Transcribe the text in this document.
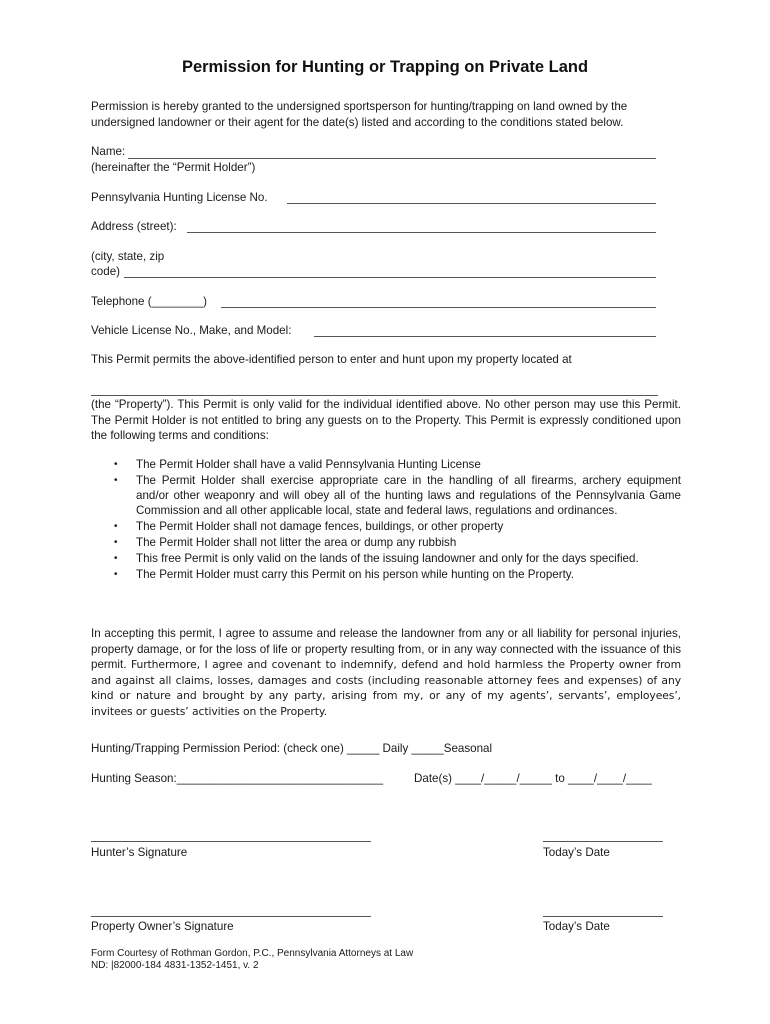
Permission for Hunting or Trapping on Private Land
Permission is hereby granted to the undersigned sportsperson for hunting/trapping on land owned by the undersigned landowner or their agent for the date(s) listed and according to the conditions stated below.
Name:
(hereinafter the “Permit Holder”)
Pennsylvania Hunting License No.
Address (street):
(city, state, zip
code)
Telephone (________)
Vehicle License No., Make, and Model:
This Permit permits the above-identified person to enter and hunt upon my property located at
(the “Property”). This Permit is only valid for the individual identified above. No other person may use this Permit. The Permit Holder is not entitled to bring any guests on to the Property. This Permit is expressly conditioned upon the following terms and conditions:
• The Permit Holder shall have a valid Pennsylvania Hunting License
• The Permit Holder shall exercise appropriate care in the handling of all firearms, archery equipment and/or other weaponry and will obey all of the hunting laws and regulations of the Pennsylvania Game Commission and all other applicable local, state and federal laws, regulations and ordinances.
• The Permit Holder shall not damage fences, buildings, or other property
• The Permit Holder shall not litter the area or dump any rubbish
• This free Permit is only valid on the lands of the issuing landowner and only for the days specified.
• The Permit Holder must carry this Permit on his person while hunting on the Property.
In accepting this permit, I agree to assume and release the landowner from any or all liability for personal injuries, property damage, or for the loss of life or property resulting from, or in any way connected with the issuance of this permit. Furthermore, I agree and covenant to indemnify, defend and hold harmless the Property owner from and against all claims, losses, damages and costs (including reasonable attorney fees and expenses) of any kind or nature and brought by any party, arising from my, or any of my agents’, servants’, employees’, invitees or guests’ activities on the Property.
Hunting/Trapping Permission Period: (check one) _____ Daily _____Seasonal
Hunting Season:________________________________	Date(s) ____/_____/_____ to ____/____/____
Hunter’s Signature	Today’s Date
Property Owner’s Signature	Today’s Date
Form Courtesy of Rothman Gordon, P.C., Pennsylvania Attorneys at Law
ND: |82000-184 4831-1352-1451, v. 2
